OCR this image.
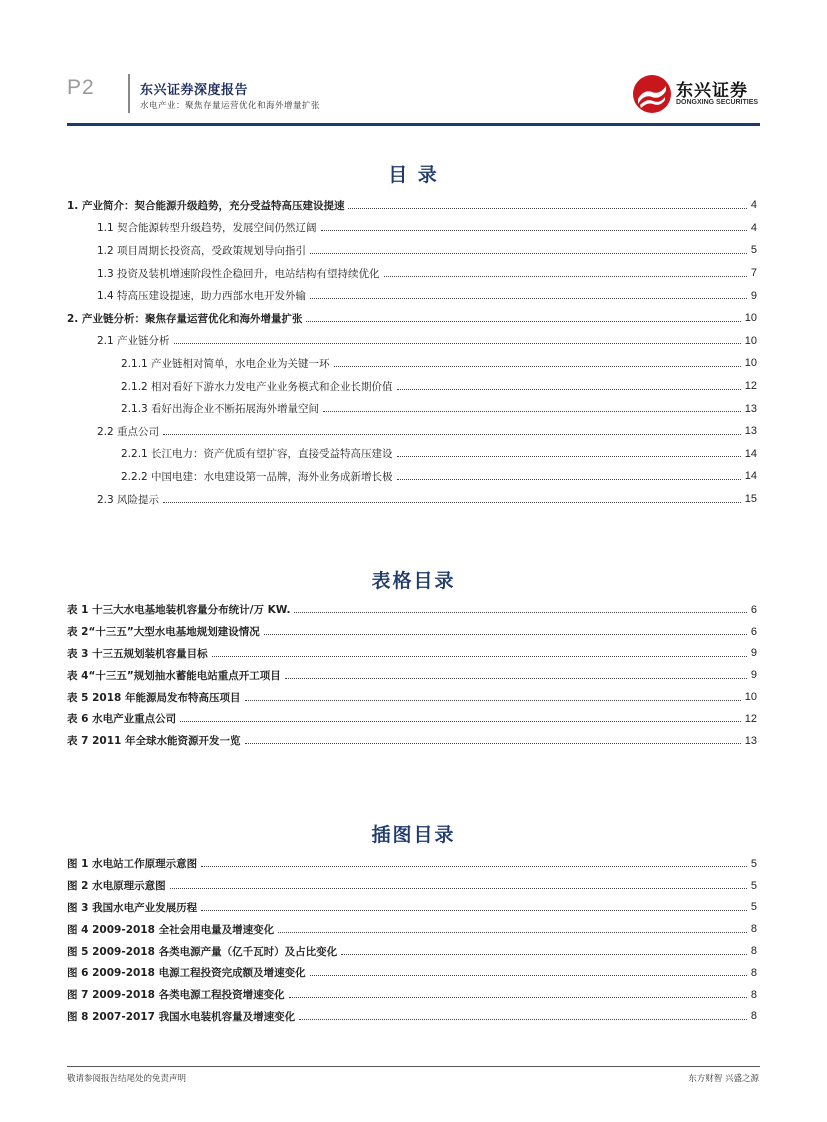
P2	东兴证券深度报告
水电产业：聚焦存量运营优化和海外增量扩张
东兴证券
DONGXING SECURITIES
目 录
1. 产业简介：契合能源升级趋势，充分受益特高压建设提速	4
1.1 契合能源转型升级趋势，发展空间仍然辽阔	4
1.2 项目周期长投资高，受政策规划导向指引	5
1.3 投资及装机增速阶段性企稳回升，电站结构有望持续优化	7
1.4 特高压建设提速，助力西部水电开发外输	9
2. 产业链分析：聚焦存量运营优化和海外增量扩张	10
2.1 产业链分析	10
2.1.1 产业链相对简单，水电企业为关键一环	10
2.1.2 相对看好下游水力发电产业业务模式和企业长期价值	12
2.1.3 看好出海企业不断拓展海外增量空间	13
2.2 重点公司	13
2.2.1 长江电力：资产优质有望扩容，直接受益特高压建设	14
2.2.2 中国电建：水电建设第一品牌，海外业务成新增长极	14
2.3 风险提示	15
表格目录
表 1 十三大水电基地装机容量分布统计/万 KW.	6
表 2“十三五”大型水电基地规划建设情况	6
表 3 十三五规划装机容量目标	9
表 4“十三五”规划抽水蓄能电站重点开工项目	9
表 5 2018 年能源局发布特高压项目	10
表 6 水电产业重点公司	12
表 7 2011 年全球水能资源开发一览	13
插图目录
图 1 水电站工作原理示意图	5
图 2 水电原理示意图	5
图 3 我国水电产业发展历程	5
图 4 2009-2018 全社会用电量及增速变化	8
图 5 2009-2018 各类电源产量（亿千瓦时）及占比变化	8
图 6 2009-2018 电源工程投资完成额及增速变化	8
图 7 2009-2018 各类电源工程投资增速变化	8
图 8 2007-2017 我国水电装机容量及增速变化	8
敬请参阅报告结尾处的免责声明	东方财智 兴盛之源
